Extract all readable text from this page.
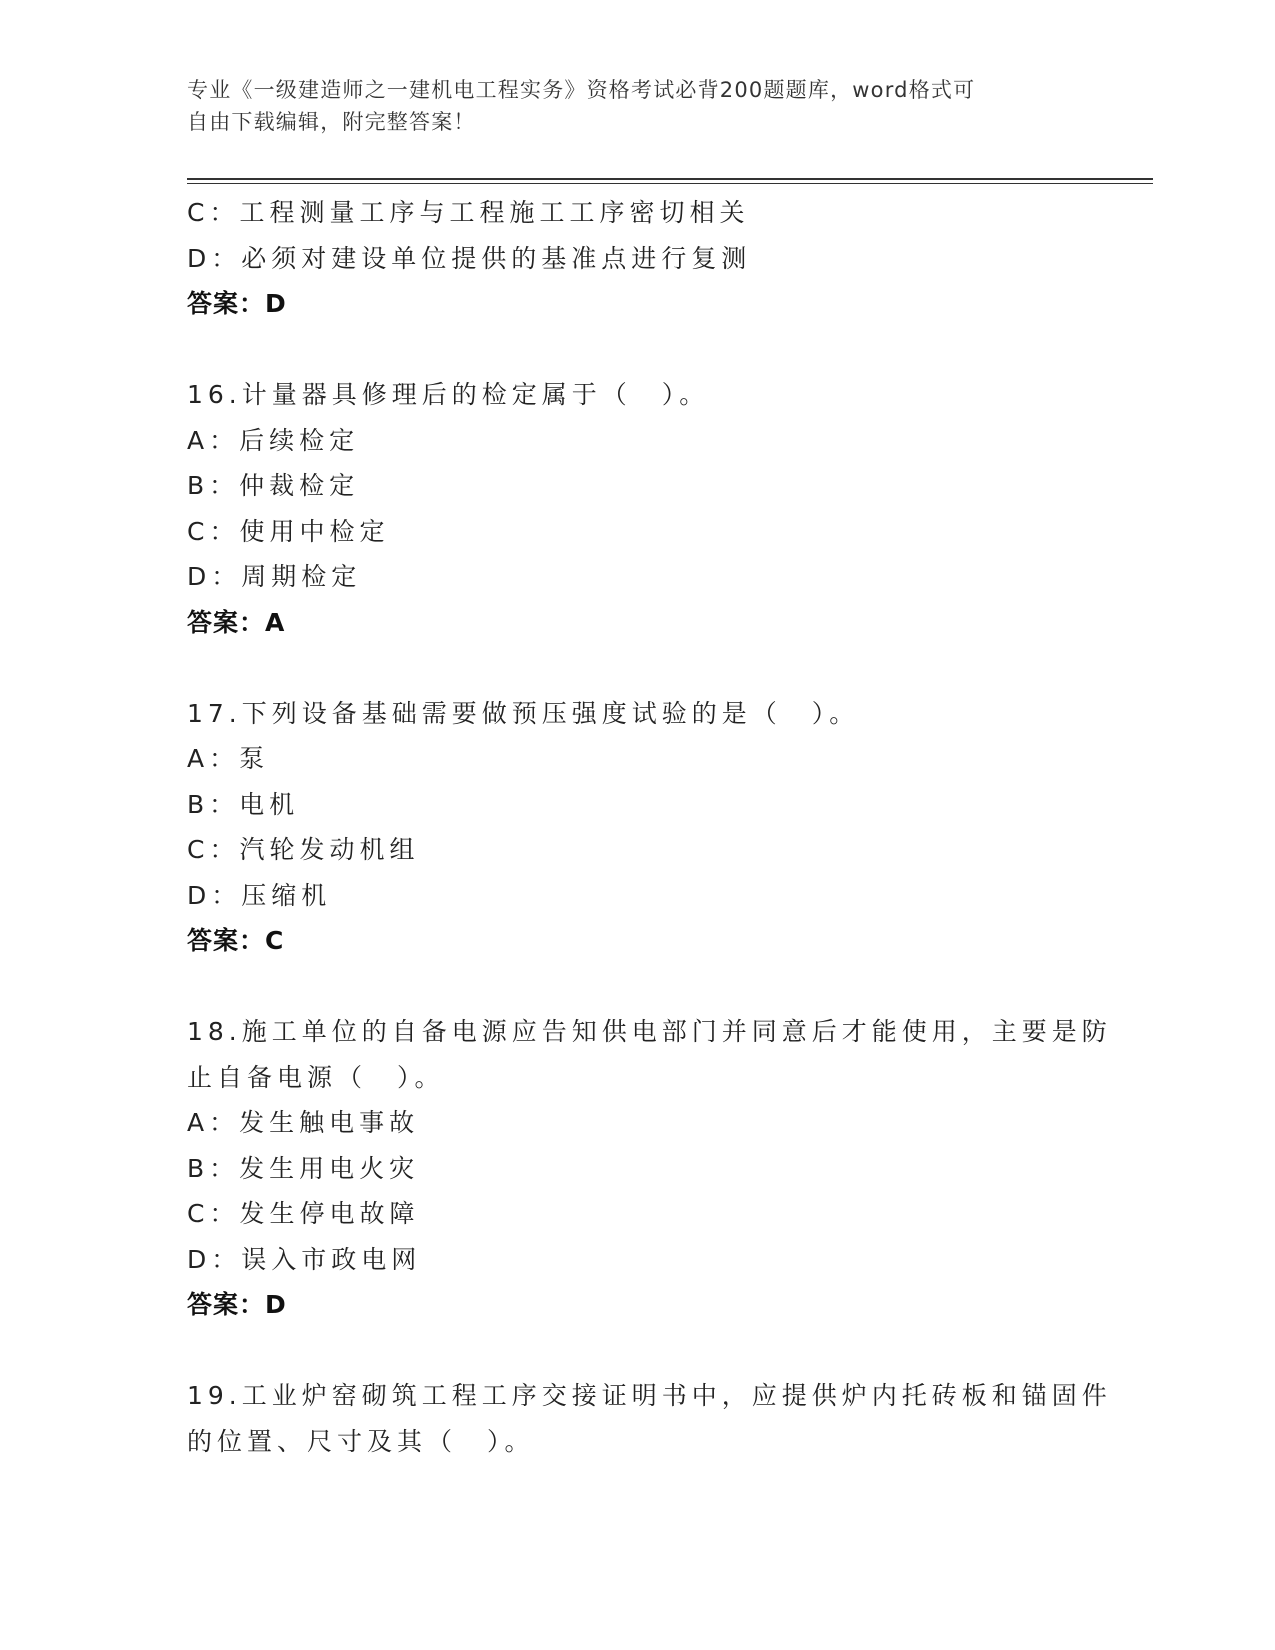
专业《一级建造师之一建机电工程实务》资格考试必背200题题库，word格式可
自由下载编辑，附完整答案！
C：工程测量工序与工程施工工序密切相关
D：必须对建设单位提供的基准点进行复测
答案：D
16.计量器具修理后的检定属于（　）。
A：后续检定
B：仲裁检定
C：使用中检定
D：周期检定
答案：A
17.下列设备基础需要做预压强度试验的是（　）。
A：泵
B：电机
C：汽轮发动机组
D：压缩机
答案：C
18.施工单位的自备电源应告知供电部门并同意后才能使用，主要是防
止自备电源（　）。
A：发生触电事故
B：发生用电火灾
C：发生停电故障
D：误入市政电网
答案：D
19.工业炉窑砌筑工程工序交接证明书中，应提供炉内托砖板和锚固件
的位置、尺寸及其（　）。
